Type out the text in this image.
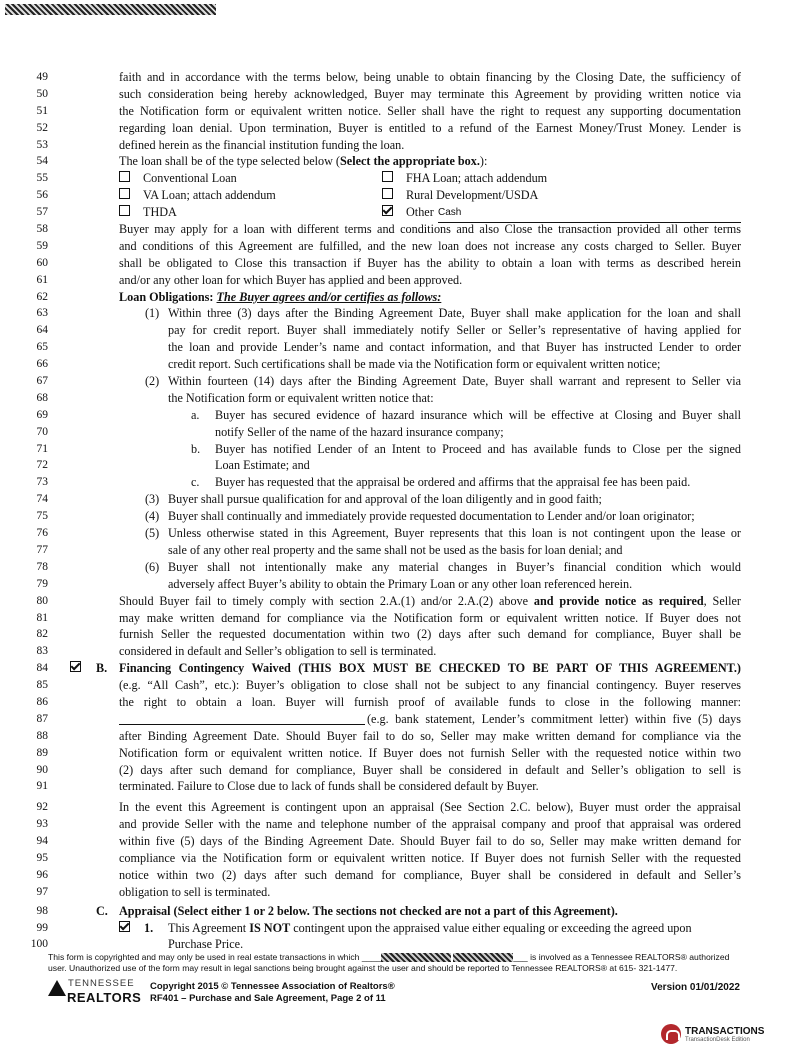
49	faith and in accordance with the terms below, being unable to obtain financing by the Closing Date, the sufficiency of
50	such consideration being hereby acknowledged, Buyer may terminate this Agreement by providing written notice via
51	the Notification form or equivalent written notice. Seller shall have the right to request any supporting documentation
52	regarding loan denial. Upon termination, Buyer is entitled to a refund of the Earnest Money/Trust Money. Lender is
53	defined herein as the financial institution funding the loan.
54	The loan shall be of the type selected below (Select the appropriate box.):
55	Conventional Loan	FHA Loan; attach addendum
56	VA Loan; attach addendum	Rural Development/USDA
57	THDA	Other Cash
58	Buyer may apply for a loan with different terms and conditions and also Close the transaction provided all other terms
59	and conditions of this Agreement are fulfilled, and the new loan does not increase any costs charged to Seller. Buyer
60	shall be obligated to Close this transaction if Buyer has the ability to obtain a loan with terms as described herein
61	and/or any other loan for which Buyer has applied and been approved.
62	Loan Obligations: The Buyer agrees and/or certifies as follows:
63	(1) Within three (3) days after the Binding Agreement Date, Buyer shall make application for the loan and shall
64	pay for credit report. Buyer shall immediately notify Seller or Seller’s representative of having applied for
65	the loan and provide Lender’s name and contact information, and that Buyer has instructed Lender to order
66	credit report. Such certifications shall be made via the Notification form or equivalent written notice;
67	(2) Within fourteen (14) days after the Binding Agreement Date, Buyer shall warrant and represent to Seller via
68	the Notification form or equivalent written notice that:
69	a. Buyer has secured evidence of hazard insurance which will be effective at Closing and Buyer shall
70	notify Seller of the name of the hazard insurance company;
71	b. Buyer has notified Lender of an Intent to Proceed and has available funds to Close per the signed
72	Loan Estimate; and
73	c. Buyer has requested that the appraisal be ordered and affirms that the appraisal fee has been paid.
74	(3) Buyer shall pursue qualification for and approval of the loan diligently and in good faith;
75	(4) Buyer shall continually and immediately provide requested documentation to Lender and/or loan originator;
76	(5) Unless otherwise stated in this Agreement, Buyer represents that this loan is not contingent upon the lease or
77	sale of any other real property and the same shall not be used as the basis for loan denial; and
78	(6) Buyer shall not intentionally make any material changes in Buyer’s financial condition which would
79	adversely affect Buyer’s ability to obtain the Primary Loan or any other loan referenced herein.
80	Should Buyer fail to timely comply with section 2.A.(1) and/or 2.A.(2) above and provide notice as required, Seller
81	may make written demand for compliance via the Notification form or equivalent written notice. If Buyer does not
82	furnish Seller the requested documentation within two (2) days after such demand for compliance, Buyer shall be
83	considered in default and Seller’s obligation to sell is terminated.
84	B. Financing Contingency Waived (THIS BOX MUST BE CHECKED TO BE PART OF THIS AGREEMENT.)
85	(e.g. “All Cash”, etc.): Buyer’s obligation to close shall not be subject to any financial contingency. Buyer reserves
86	the right to obtain a loan. Buyer will furnish proof of available funds to close in the following manner:
87	(e.g. bank statement, Lender’s commitment letter) within five (5) days
88	after Binding Agreement Date. Should Buyer fail to do so, Seller may make written demand for compliance via the
89	Notification form or equivalent written notice. If Buyer does not furnish Seller with the requested notice within two
90	(2) days after such demand for compliance, Buyer shall be considered in default and Seller’s obligation to sell is
91	terminated. Failure to Close due to lack of funds shall be considered default by Buyer.
92	In the event this Agreement is contingent upon an appraisal (See Section 2.C. below), Buyer must order the appraisal
93	and provide Seller with the name and telephone number of the appraisal company and proof that appraisal was ordered
94	within five (5) days of the Binding Agreement Date. Should Buyer fail to do so, Seller may make written demand for
95	compliance via the Notification form or equivalent written notice. If Buyer does not furnish Seller with the requested
96	notice within two (2) days after such demand for compliance, Buyer shall be considered in default and Seller’s
97	obligation to sell is terminated.
98	C. Appraisal (Select either 1 or 2 below. The sections not checked are not a part of this Agreement).
99	1. This Agreement IS NOT contingent upon the appraised value either equaling or exceeding the agreed upon
100	Purchase Price.
This form is copyrighted and may only be used in real estate transactions in which ____	___ is involved as a Tennessee REALTORS® authorized
user. Unauthorized use of the form may result in legal sanctions being brought against the user and should be reported to Tennessee REALTORS® at 615- 321-1477.
TENNESSEE
REALTORS
Copyright 2015 © Tennessee Association of Realtors®
RF401 – Purchase and Sale Agreement, Page 2 of 11
Version 01/01/2022
TRANSACTIONS
TransactionDesk Edition
